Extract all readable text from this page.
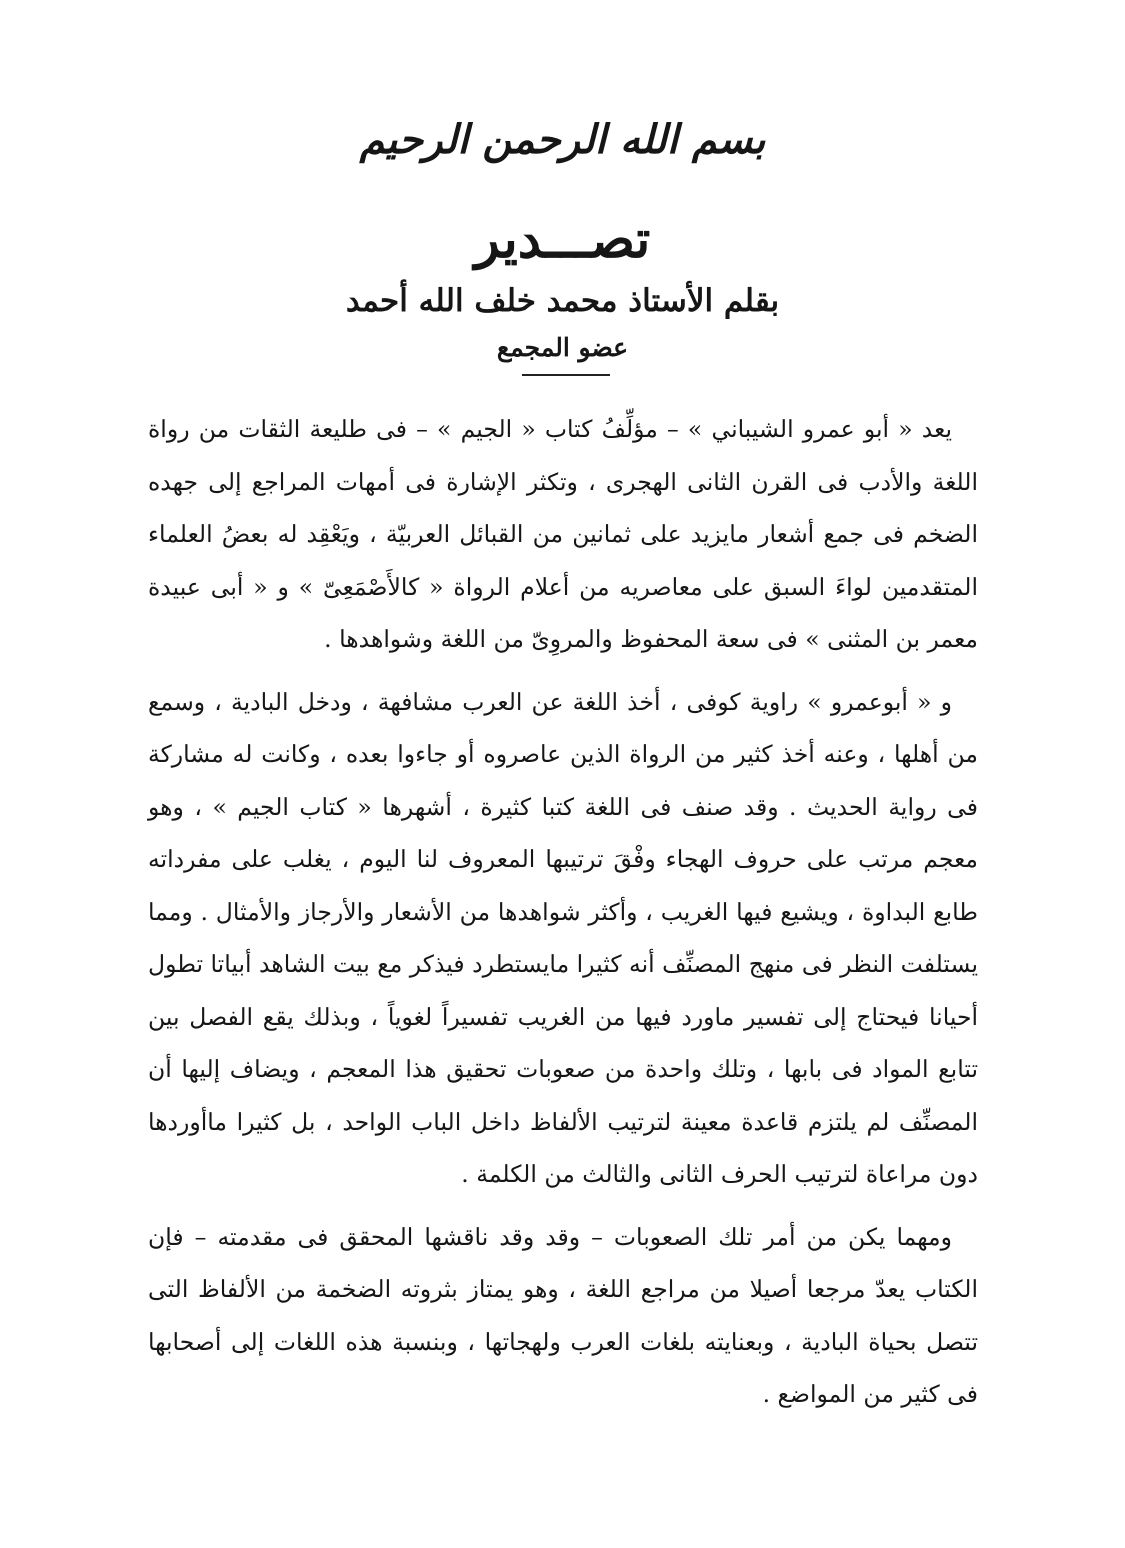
بسم الله الرحمن الرحيم
تصـــدير
بقلم الأستاذ محمد خلف الله أحمد
عضو المجمع

يعد « أبو عمرو الشيباني » – مؤلِّفُ كتاب « الجيم » – فى طليعة الثقات من رواة اللغة والأدب فى القرن الثانى الهجرى ، وتكثر الإشارة فى أمهات المراجع إلى جهده الضخم فى جمع أشعار مايزيد على ثمانين من القبائل العربيّة ، ويَعْقِد له بعضُ العلماء المتقدمين لواءَ السبق على معاصريه من أعلام الرواة « كالأَصْمَعِىّ » و « أبى عبيدة معمر بن المثنى » فى سعة المحفوظ والمروِىّ من اللغة وشواهدها .

و « أبوعمرو » راوية كوفى ، أخذ اللغة عن العرب مشافهة ، ودخل البادية ، وسمع من أهلها ، وعنه أخذ كثير من الرواة الذين عاصروه أو جاءوا بعده ، وكانت له مشاركة فى رواية الحديث . وقد صنف فى اللغة كتبا كثيرة ، أشهرها « كتاب الجيم » ، وهو معجم مرتب على حروف الهجاء وفْقَ ترتيبها المعروف لنا اليوم ، يغلب على مفرداته طابع البداوة ، ويشيع فيها الغريب ، وأكثر شواهدها من الأشعار والأرجاز والأمثال . ومما يستلفت النظر فى منهج المصنِّف أنه كثيرا مايستطرد فيذكر مع بيت الشاهد أبياتا تطول أحيانا فيحتاج إلى تفسير ماورد فيها من الغريب تفسيراً لغوياً ، وبذلك يقع الفصل بين تتابع المواد فى بابها ، وتلك واحدة من صعوبات تحقيق هذا المعجم ، ويضاف إليها أن المصنِّف لم يلتزم قاعدة معينة لترتيب الألفاظ داخل الباب الواحد ، بل كثيرا ماأوردها دون مراعاة لترتيب الحرف الثانى والثالث من الكلمة .

ومهما يكن من أمر تلك الصعوبات – وقد وقد ناقشها المحقق فى مقدمته – فإن الكتاب يعدّ مرجعا أصيلا من مراجع اللغة ، وهو يمتاز بثروته الضخمة من الألفاظ التى تتصل بحياة البادية ، وبعنايته بلغات العرب ولهجاتها ، وبنسبة هذه اللغات إلى أصحابها فى كثير من المواضع .
